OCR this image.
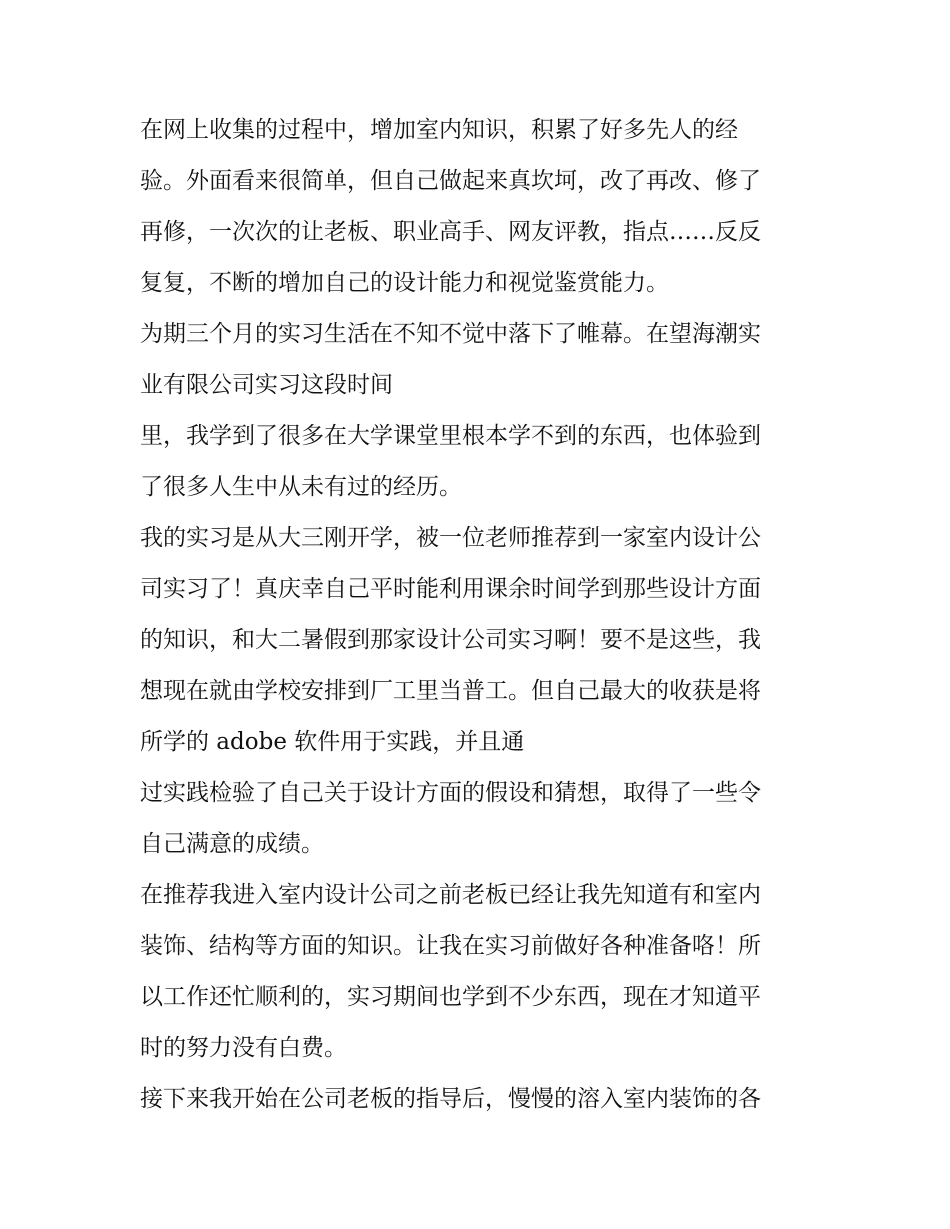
在网上收集的过程中，增加室内知识，积累了好多先人的经
验。外面看来很简单，但自己做起来真坎坷，改了再改、修了
再修，一次次的让老板、职业高手、网友评教，指点……反反
复复，不断的增加自己的设计能力和视觉鉴赏能力。
为期三个月的实习生活在不知不觉中落下了帷幕。在望海潮实
业有限公司实习这段时间
里，我学到了很多在大学课堂里根本学不到的东西，也体验到
了很多人生中从未有过的经历。
我的实习是从大三刚开学，被一位老师推荐到一家室内设计公
司实习了！真庆幸自己平时能利用课余时间学到那些设计方面
的知识，和大二暑假到那家设计公司实习啊！要不是这些，我
想现在就由学校安排到厂工里当普工。但自己最大的收获是将
所学的 adobe 软件用于实践，并且通
过实践检验了自己关于设计方面的假设和猜想，取得了一些令
自己满意的成绩。
在推荐我进入室内设计公司之前老板已经让我先知道有和室内
装饰、结构等方面的知识。让我在实习前做好各种准备咯！所
以工作还忙顺利的，实习期间也学到不少东西，现在才知道平
时的努力没有白费。
接下来我开始在公司老板的指导后，慢慢的溶入室内装饰的各
